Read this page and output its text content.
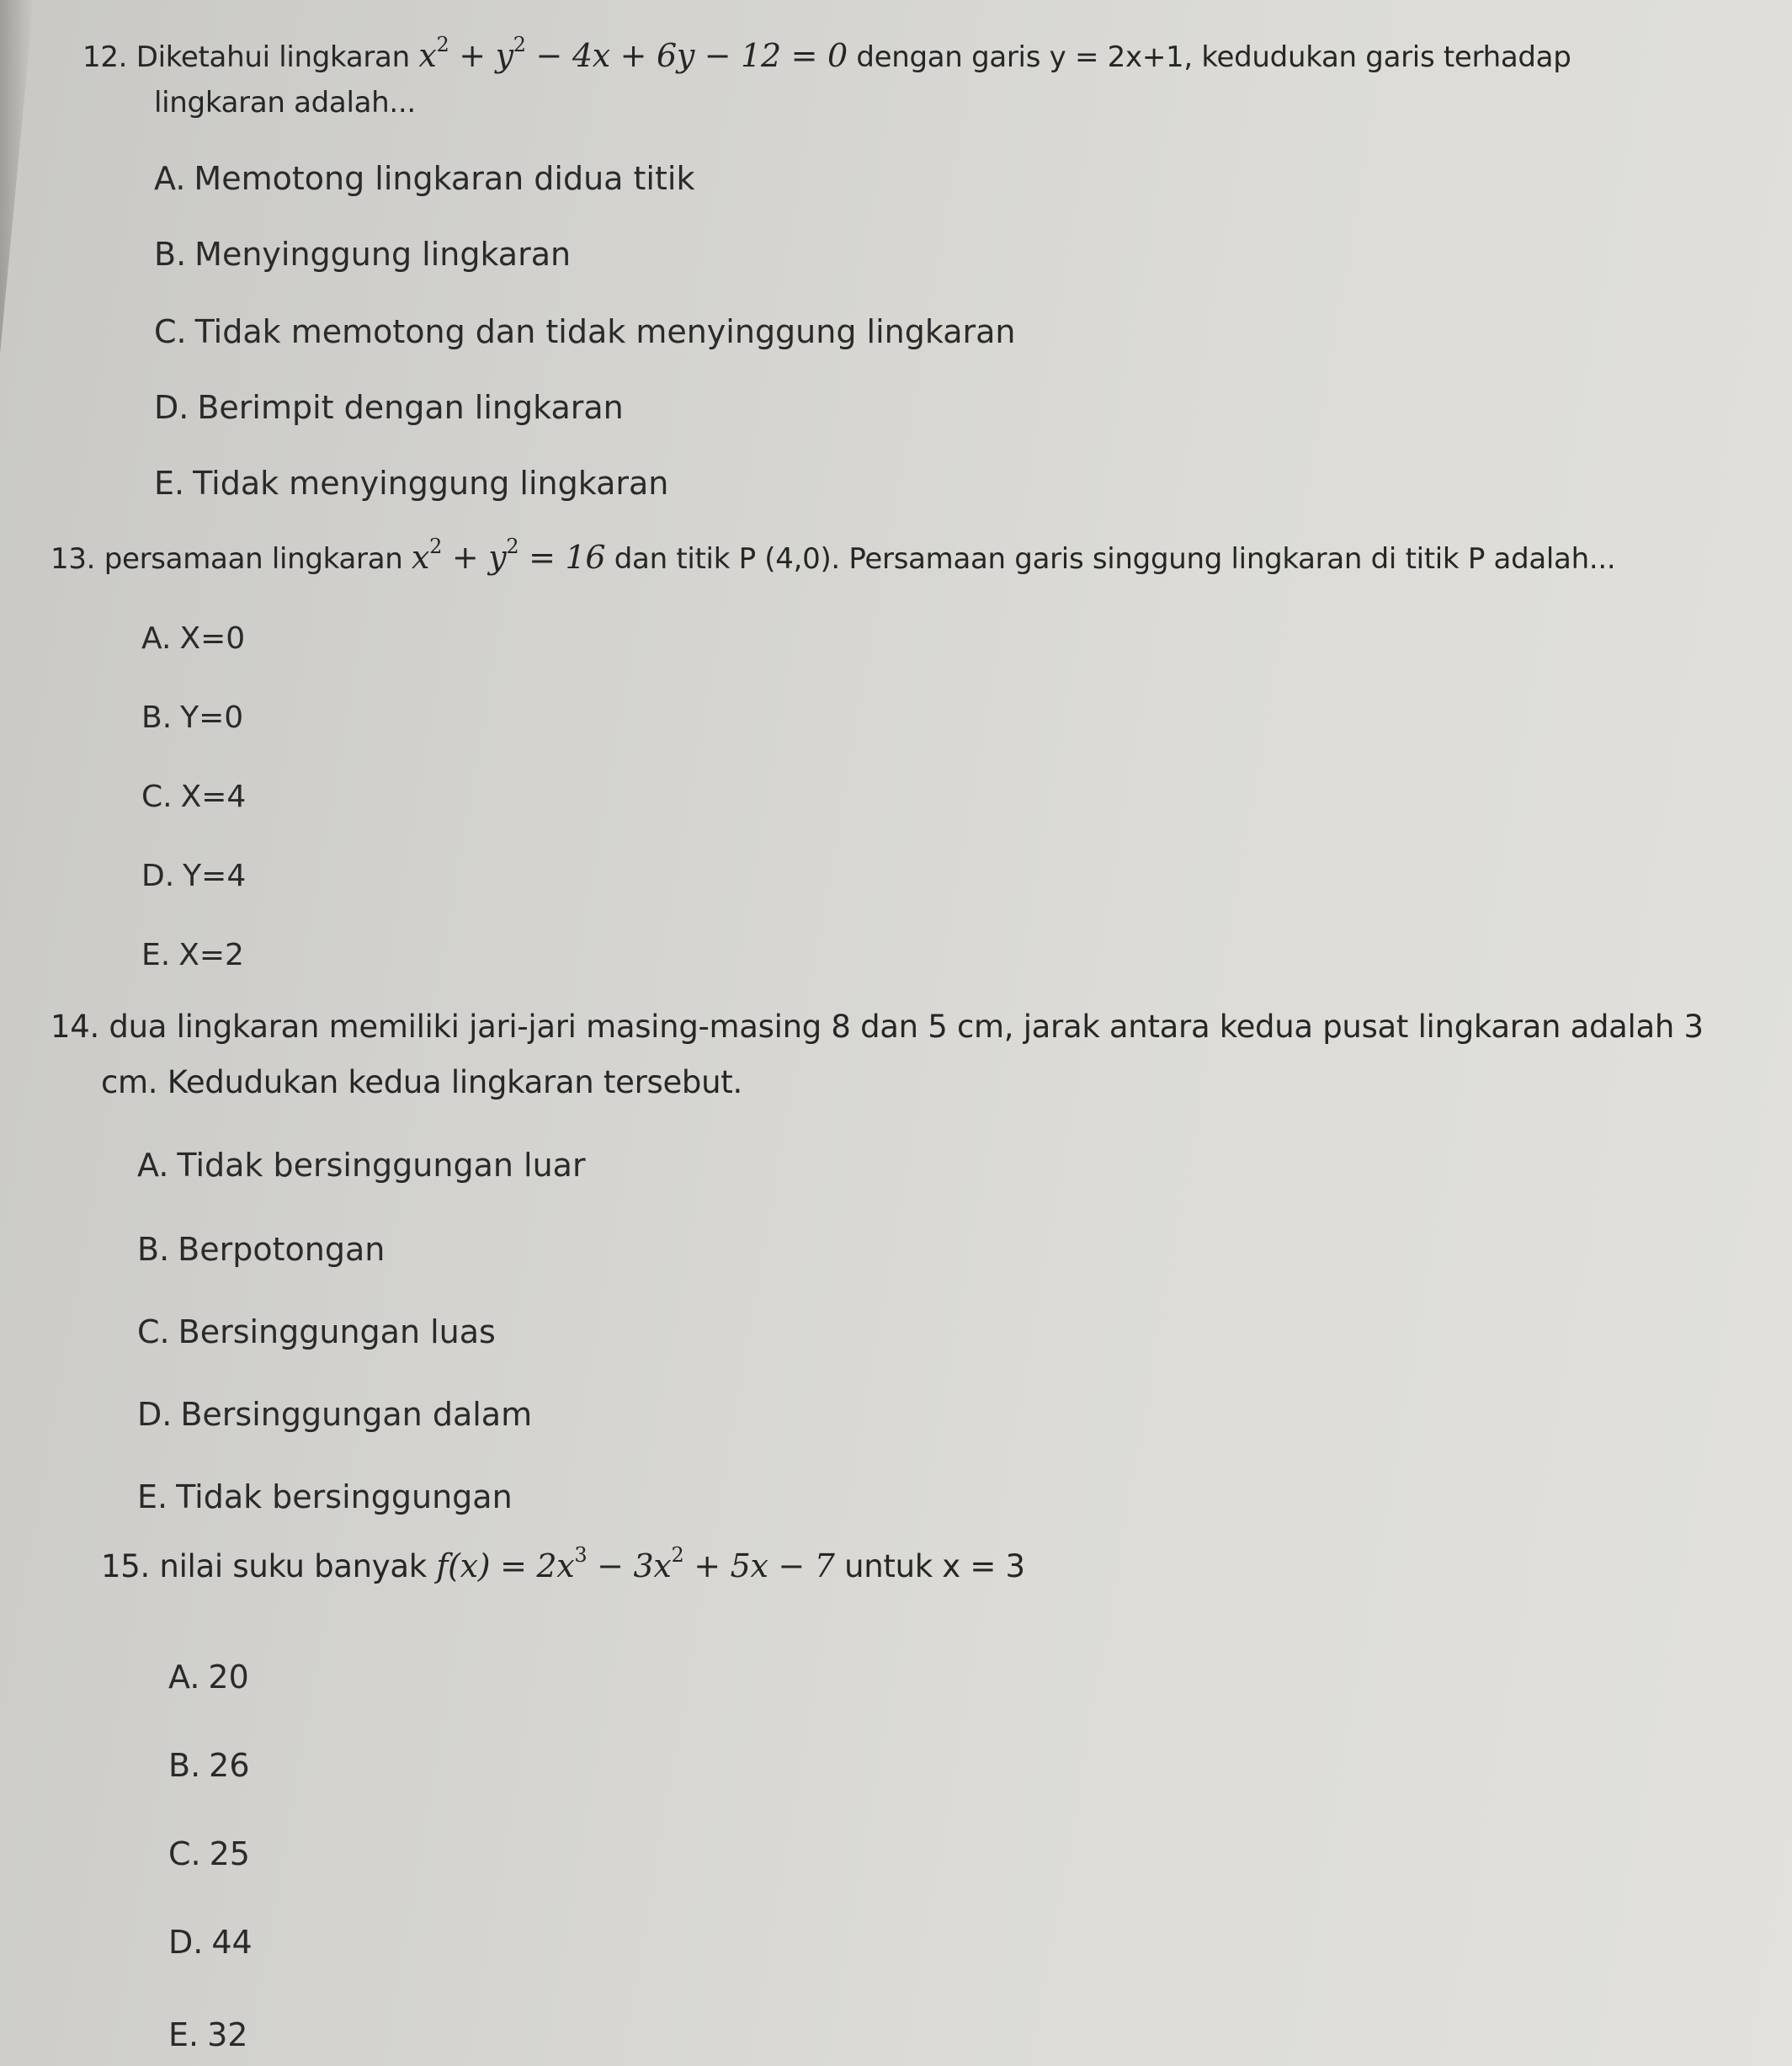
12. Diketahui lingkaran $x^2 + y^2 - 4x + 6y - 12 = 0$ dengan garis y = 2x+1, kedudukan garis terhadap
lingkaran adalah...
A. Memotong lingkaran didua titik
B. Menyinggung lingkaran
C. Tidak memotong dan tidak menyinggung lingkaran
D. Berimpit dengan lingkaran
E. Tidak menyinggung lingkaran
13. persamaan lingkaran $x^2 + y^2 = 16$ dan titik P (4,0). Persamaan garis singgung lingkaran di titik P adalah...
A. X=0
B. Y=0
C. X=4
D. Y=4
E. X=2
14. dua lingkaran memiliki jari-jari masing-masing 8 dan 5 cm, jarak antara kedua pusat lingkaran adalah 3
cm. Kedudukan kedua lingkaran tersebut.
A. Tidak bersinggungan luar
B. Berpotongan
C. Bersinggungan luas
D. Bersinggungan dalam
E. Tidak bersinggungan
15. nilai suku banyak $f(x) = 2x^3 - 3x^2 + 5x - 7$ untuk x = 3
A. 20
B. 26
C. 25
D. 44
E. 32
